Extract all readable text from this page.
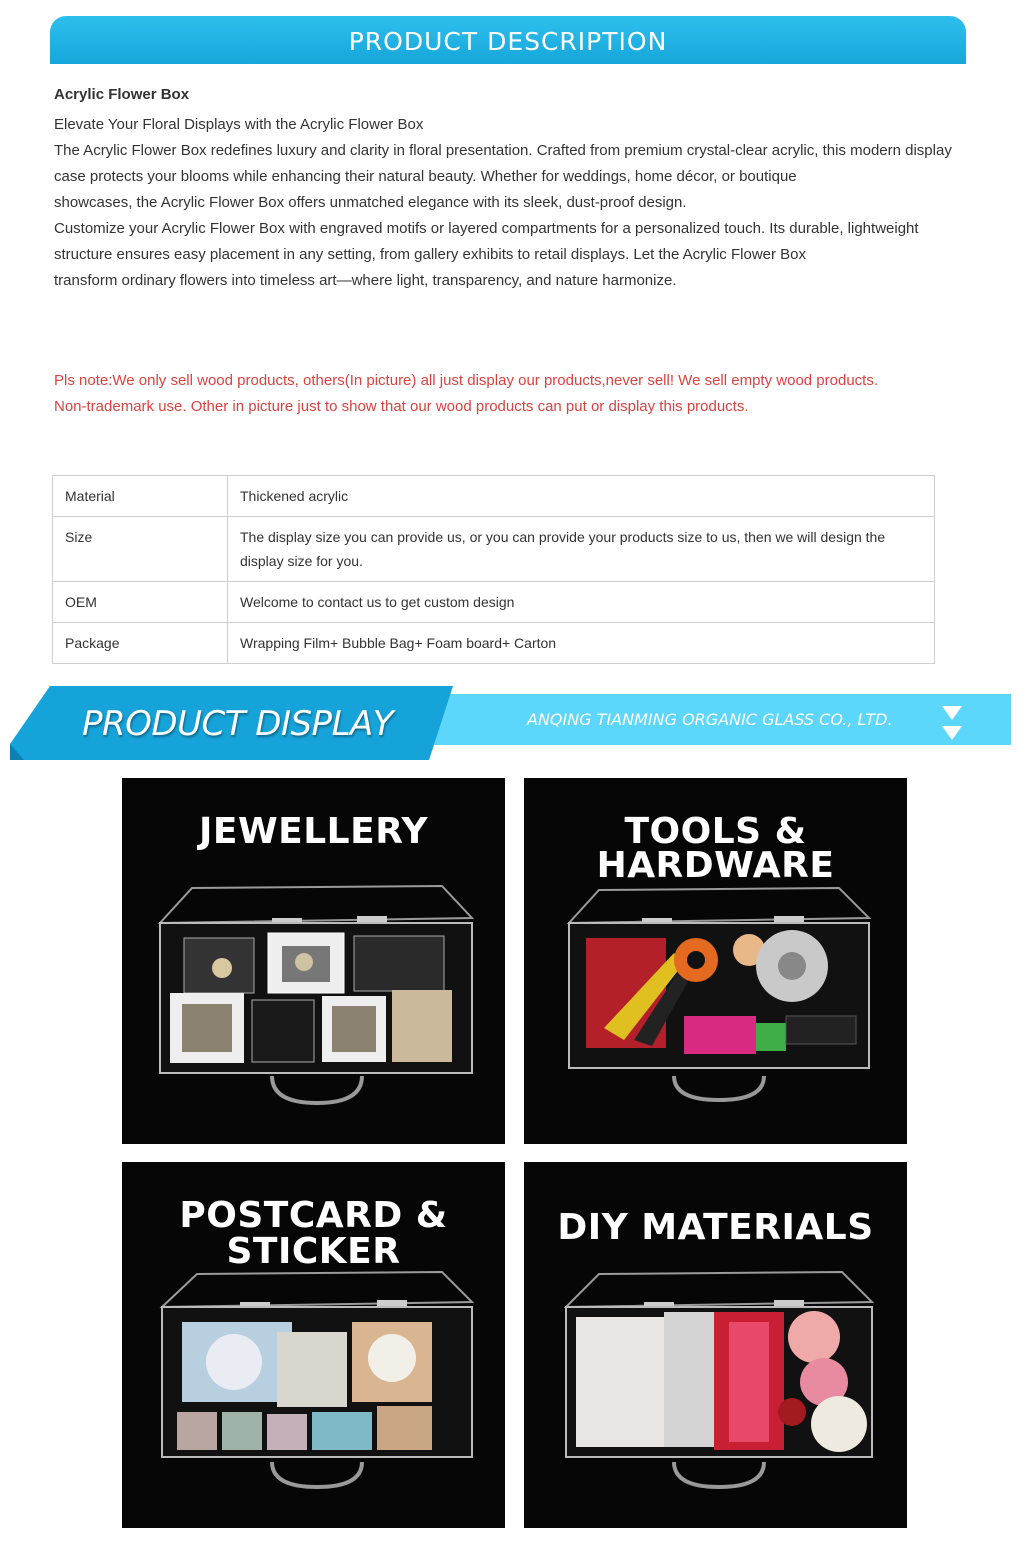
PRODUCT DESCRIPTION

Acrylic Flower Box

Elevate Your Floral Displays with the Acrylic Flower Box

The Acrylic Flower Box redefines luxury and clarity in floral presentation. Crafted from premium crystal-clear acrylic, this modern display case protects your blooms while enhancing their natural beauty. Whether for weddings, home décor, or boutique

showcases, the Acrylic Flower Box offers unmatched elegance with its sleek, dust-proof design.

Customize your Acrylic Flower Box with engraved motifs or layered compartments for a personalized touch. Its durable, lightweight structure ensures easy placement in any setting, from gallery exhibits to retail displays. Let the Acrylic Flower Box

transform ordinary flowers into timeless art—where light, transparency, and nature harmonize.

Pls note:We only sell wood products, others(In picture) all just display our products,never sell! We sell empty wood products.

Non-trademark use. Other in picture just to show that our wood products can put or display this products.

Material	Thickened acrylic
Size	The display size you can provide us, or you can provide your products size to us, then we will design the display size for you.
OEM	Welcome to contact us to get custom design
Package	Wrapping Film+ Bubble Bag+ Foam board+ Carton
PRODUCT DISPLAY	ANQING TIANMING ORGANIC GLASS CO., LTD.
JEWELLERY	TOOLS &
HARDWARE
POSTCARD &
STICKER
DIY MATERIALS
